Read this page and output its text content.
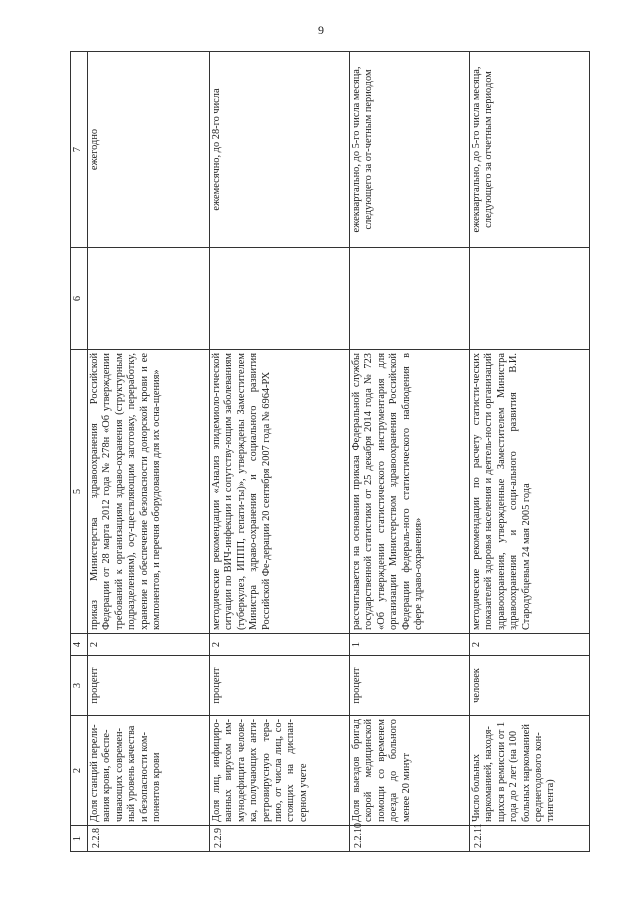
9
1	2	3	4	5	6	7
2.2.8	Доля станций перели-вания крови, обеспе-чивающих современ-ный уровень качества и безопасности ком-понентов крови	процент	2	приказ Министерства здравоохранения Российской Федерации от 28 марта 2012 года № 278н «Об утверждении требований к организациям здраво-охранения (структурным подразделениям), осу-ществляющим заготовку, переработку, хранение и обеспечение безопасности донорской крови и ее компонентов, и перечня оборудования для их осна-щения»		ежегодно
2.2.9	Доля лиц, инфициро-ванных вирусом им-мунодефицита челове-ка, получающих анти-ретровирусную тера-пию, от числа лиц, со-стоящих на диспан-серном учете	процент	2	методические рекомендации «Анализ эпидемиоло-гической ситуации по ВИЧ-инфекции и сопутству-ющим заболеваниям (туберкулез, ИППП, гепати-ты)», утверждены Заместителем Министра здраво-охранения и социального развития Российской Фе-дерации 20 сентября 2007 года № 6964-РХ		ежемесячно, до 28-го числа
2.2.10	Доля выездов бригад скорой медицинской помощи со временем доезда до больного менее 20 минут	процент	1	рассчитывается на основании приказа Федеральной службы государственной статистики от 25 декабря 2014 года № 723 «Об утверждении статистического инструментария для организации Министерством здравоохранения Российской Федерации федераль-ного статистического наблюдения в сфере здраво-охранения»		ежеквартально, до 5-го числа месяца, следующего за от-четным периодом
2.2.11	Число больных наркоманией, находя-щихся в ремиссии от 1 года до 2 лет (на 100 больных наркоманией среднегодового кон-тингента)	человек	2	методические рекомендации по расчету статисти-ческих показателей здоровья населения и деятель-ности организаций здравоохранения, утвержденные Заместителем Министра здравоохранения и соци-ального развития В.И. Стародубцевым 24 мая 2005 года		ежеквартально, до 5-го числа месяца, следующего за отчетным периодом
